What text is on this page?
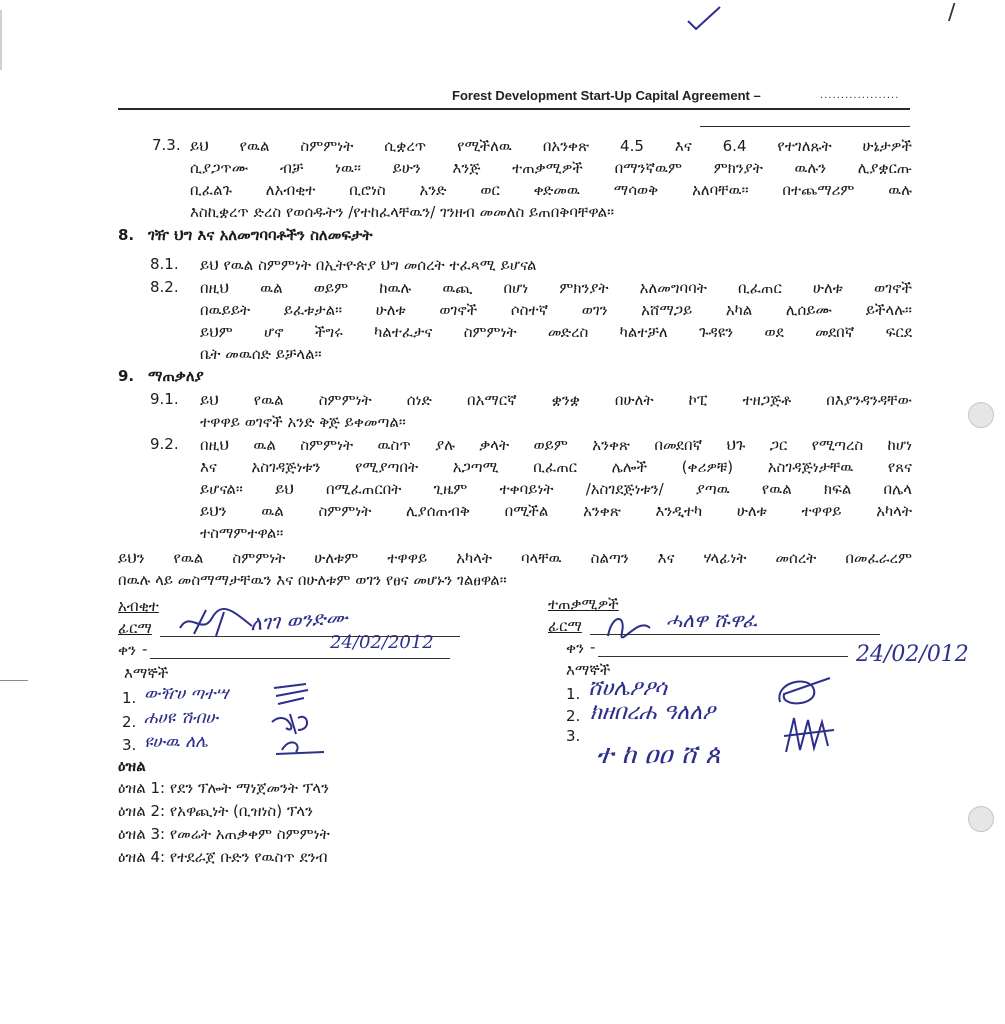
∕
Forest Development Start-Up Capital Agreement –	...................
7.3. ይህ የዉል ስምምነት ሲቋረጥ የሚችለዉ በአንቀጽ 4.5 እና 6.4 የተገለጹት ሁኔታዎች
ሲያጋጥሙ ብቻ ነዉ። ይሁን እንጅ ተጠቃሚዎች በማንኛዉም ምክንያት ዉሉን ሊያቋርጡ
ቢፈልጉ ለአብቂተ ቢሮነስ አንድ ወር ቀድመዉ ማሳወቅ አለባቸዉ። በተጨማሪም ዉሉ
እስኪቋረጥ ድረስ የወሰዱትን /የተከፈላቸዉን/ ገንዘብ መመለስ ይጠበቅባቸዋል።
8. ገዥ ህግ እና አለመግባባቶችን ስለመፍታት
8.1. ይህ የዉል ስምምነት በኢትዮጵያ ህግ መሰረት ተፈጻሚ ይሆናል
8.2. በዚህ ዉል ወይም ከዉሉ ዉጪ በሆነ ምክንያት አለመግባባት ቢፈጠር ሁለቱ ወገኖች
በዉይይት ይፈቱታል። ሁለቱ ወገኖች ሶስተኛ ወገን አሸማጋይ አካል ሊሰይሙ ይችላሉ።
ይህም ሆኖ ችግሩ ካልተፈታና ስምምነት መድረስ ካልተቻለ ጉዳዩን ወደ መደበኛ ፍርደ
ቤት መዉሰድ ይቻላል።
9. ማጠቃለያ
9.1. ይህ የዉል ስምምነት ሰነድ በአማርኛ ቋንቋ በሁለት ኮፒ ተዘጋጅቶ በእያንዳንዳቸው
ተዋዋይ ወገኖች አንድ ቅጅ ይቀመጣል።
9.2. በዚህ ዉል ስምምነት ዉስጥ ያሉ ቃላት ወይም አንቀጽ በመደበኛ ህጉ ጋር የሚጣረስ ከሆነ
እና አስገዳጅነቱን የሚያጣበት አጋጣሚ ቢፈጠር ሌሎች (ቀሪዎቹ) አስገዳጅነታቸዉ የጸና
ይሆናል። ይህ በሚፈጠርበት ጊዜም ተቀባይነት /አስገደጅነቱን/ ያጣዉ የዉል ክፍል በሌላ
ይህን ዉል ስምምነት ሊያሰጠብቅ በሚችል አንቀጽ እንዲተካ ሁለቱ ተዋዋይ አካላት
ተስማምተዋል።
ይህን የዉል ስምምነት ሁለቱም ተዋዋይ አካላት ባላቸዉ ስልጣን እና ሃላፊነት መሰረት በመፈራረም
በዉሉ ላይ መስማማታቸዉን እና በሁለቱም ወገን የፀና መሆኑን ገልፀዋል።
አብቂተ
ፊርማ	ለገገ ወንድሙ
ቀን -	24/02/2012
እማኞች
1. ውዥሀ ጣተሣ
2. ሐሀዩ ሽብሁ
3. ዩሁዉ ለሌ
ተጠቃሚዎች
ፊርማ	ሓለዋ ሹዋፈ
ቀን -	24/02/012
እማኞች
1. ሸሀሌዖዖሳ
2. ክዘበረሐ ዓለለዖ
3.
ተ ከ ዐዐ ሸ ጰ
ዕዝል
ዕዝል 1: የደን ፕሎት ማነጀመንት ፕላን
ዕዝል 2: የአዋጪነት (ቢዝነስ) ፕላን
ዕዝል 3: የመሬት አጠቃቀም ስምምነት
ዕዝል 4: የተደራጀ ቡድን የዉስጥ ደንብ
